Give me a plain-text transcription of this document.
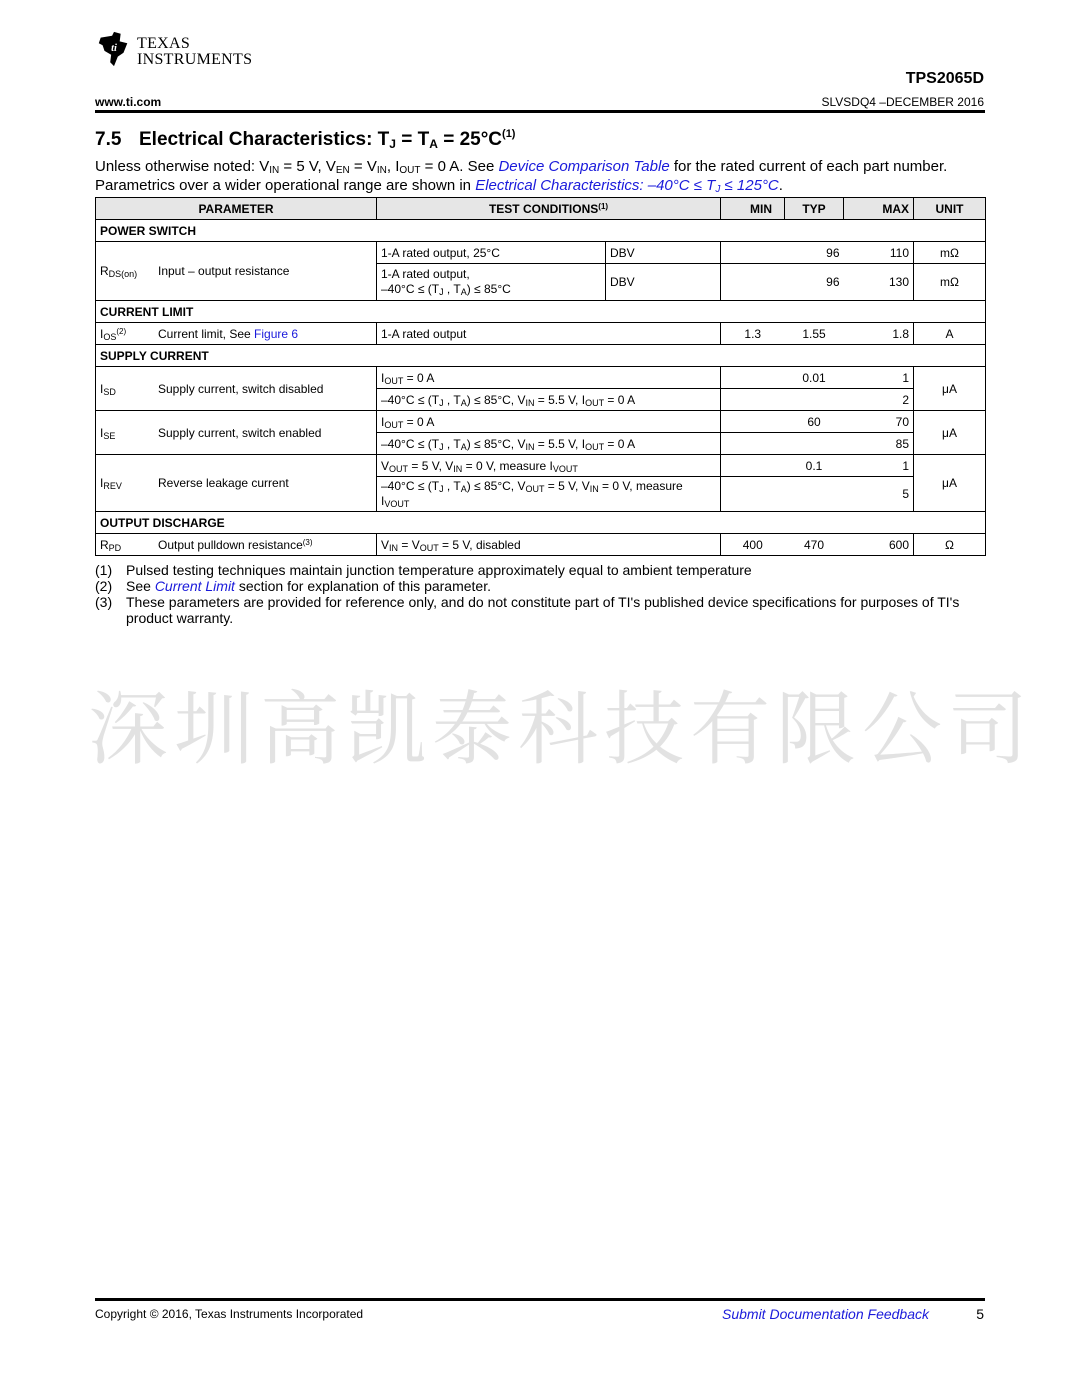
ti TEXAS
INSTRUMENTS
TPS2065D
www.ti.com	SLVSDQ4 –DECEMBER 2016
7.5 Electrical Characteristics: $T_J = T_A = 25^\circ C^{(1)}$
Unless otherwise noted: $V_{IN} = 5$ V, $V_{EN} = V_{IN}$, $I_{OUT} = 0$ A. See Device Comparison Table for the rated current of each part number. Parametrics over a wider operational range are shown in Electrical Characteristics: $-40^\circ C \le T_J \le 125^\circ C$.
PARAMETER	TEST CONDITIONS$^{(1)}$		MIN	TYP	MAX	UNIT
POWER SWITCH						
$R_{DS(on)}$ Input – output resistance	1-A rated output, 25°C	DBV		96	110	mΩ

	1-A rated output,
$-40^\circ C \le (T_J$ , $T_A) \le 85^\circ C$	DBV		96	130	mΩ
CURRENT LIMIT						
$I_{OS}^{(2)}$ Current limit, See Figure 6	1-A rated output		1.3	1.55	1.8	A
SUPPLY CURRENT						
$I_{SD}$ Supply current, switch disabled	$I_{OUT} = 0$ A			0.01	1	μA
	$-40^\circ C \le (T_J$ , $T_A) \le 85^\circ C$, $V_{IN} = 5.5$ V, $I_{OUT} = 0$ A				2	
$I_{SE}$ Supply current, switch enabled	$I_{OUT} = 0$ A			60	70	μA
	$-40^\circ C \le (T_J$ , $T_A) \le 85^\circ C$, $V_{IN} = 5.5$ V, $I_{OUT} = 0$ A				85	
$I_{REV}$ Reverse leakage current	$V_{OUT} = 5$ V, $V_{IN} = 0$ V, measure $I_{VOUT}$			0.1	1	μA

	$-40^\circ C \le (T_J$ , $T_A) \le 85^\circ C$, $V_{OUT} = 5$ V, $V_{IN} = 0$ V, measure
$I_{VOUT}$				5	
OUTPUT DISCHARGE						
$R_{PD}$ Output pulldown resistance$^{(3)}$	$V_{IN} = V_{OUT} = 5$ V, disabled		400	470	600	Ω
(1) Pulsed testing techniques maintain junction temperature approximately equal to ambient temperature
(2) See Current Limit section for explanation of this parameter.
(3) These parameters are provided for reference only, and do not constitute part of TI's published device specifications for purposes of TI's product warranty.
深圳高凯泰科技有限公司
Copyright © 2016, Texas Instruments Incorporated	Submit Documentation Feedback	5
